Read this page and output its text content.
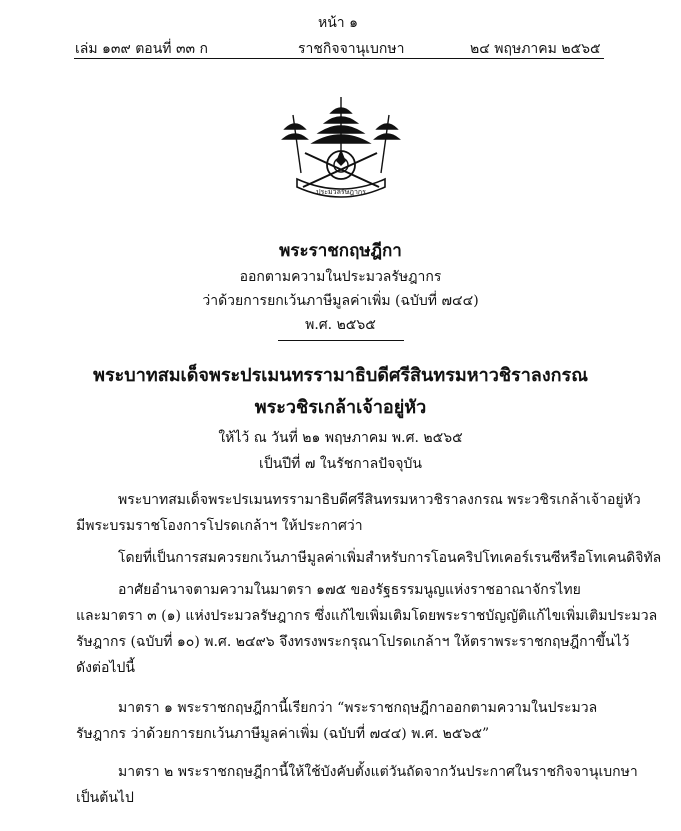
หน้า ๑
เล่ม ๑๓๙ ตอนที่ ๓๓ ก	ราชกิจจานุเบกษา	๒๔ พฤษภาคม ๒๕๖๕
ประมวลรัษฎากร
พระราชกฤษฎีกา
ออกตามความในประมวลรัษฎากร
ว่าด้วยการยกเว้นภาษีมูลค่าเพิ่ม (ฉบับที่ ๗๔๔)
พ.ศ. ๒๕๖๕
พระบาทสมเด็จพระปรเมนทรรามาธิบดีศรีสินทรมหาวชิราลงกรณ
พระวชิรเกล้าเจ้าอยู่หัว
ให้ไว้ ณ วันที่ ๒๑ พฤษภาคม พ.ศ. ๒๕๖๕
เป็นปีที่ ๗ ในรัชกาลปัจจุบัน
พระบาทสมเด็จพระปรเมนทรรามาธิบดีศรีสินทรมหาวชิราลงกรณ พระวชิรเกล้าเจ้าอยู่หัว
มีพระบรมราชโองการโปรดเกล้าฯ ให้ประกาศว่า
โดยที่เป็นการสมควรยกเว้นภาษีมูลค่าเพิ่มสำหรับการโอนคริปโทเคอร์เรนซีหรือโทเคนดิจิทัล
อาศัยอำนาจตามความในมาตรา ๑๗๕ ของรัฐธรรมนูญแห่งราชอาณาจักรไทย
และมาตรา ๓ (๑) แห่งประมวลรัษฎากร ซึ่งแก้ไขเพิ่มเติมโดยพระราชบัญญัติแก้ไขเพิ่มเติมประมวล
รัษฎากร (ฉบับที่ ๑๐) พ.ศ. ๒๔๙๖ จึงทรงพระกรุณาโปรดเกล้าฯ ให้ตราพระราชกฤษฎีกาขึ้นไว้
ดังต่อไปนี้
มาตรา ๑ พระราชกฤษฎีกานี้เรียกว่า “พระราชกฤษฎีกาออกตามความในประมวล
รัษฎากร ว่าด้วยการยกเว้นภาษีมูลค่าเพิ่ม (ฉบับที่ ๗๔๔) พ.ศ. ๒๕๖๕”
มาตรา ๒ พระราชกฤษฎีกานี้ให้ใช้บังคับตั้งแต่วันถัดจากวันประกาศในราชกิจจานุเบกษา
เป็นต้นไป
